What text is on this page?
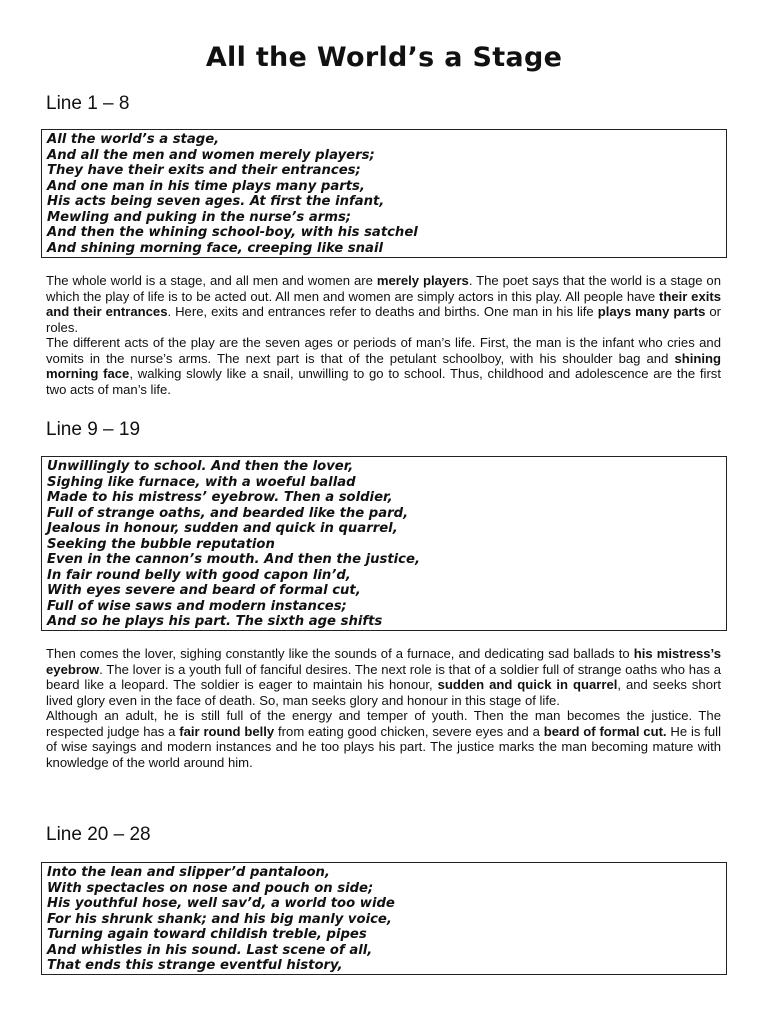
All the World’s a Stage
Line 1 – 8
All the world’s a stage,
And all the men and women merely players;
They have their exits and their entrances;
And one man in his time plays many parts,
His acts being seven ages. At first the infant,
Mewling and puking in the nurse’s arms;
And then the whining school-boy, with his satchel
And shining morning face, creeping like snail

The whole world is a stage, and all men and women are merely players. The poet says that the world is a stage on which the play of life is to be acted out. All men and women are simply actors in this play. All people have their exits and their entrances. Here, exits and entrances refer to deaths and births. One man in his life plays many parts or roles.

The different acts of the play are the seven ages or periods of man’s life. First, the man is the infant who cries and vomits in the nurse’s arms. The next part is that of the petulant schoolboy, with his shoulder bag and shining morning face, walking slowly like a snail, unwilling to go to school. Thus, childhood and adolescence are the first two acts of man’s life.

Line 9 – 19
Unwillingly to school. And then the lover,
Sighing like furnace, with a woeful ballad
Made to his mistress’ eyebrow. Then a soldier,
Full of strange oaths, and bearded like the pard,
Jealous in honour, sudden and quick in quarrel,
Seeking the bubble reputation
Even in the cannon’s mouth. And then the justice,
In fair round belly with good capon lin’d,
With eyes severe and beard of formal cut,
Full of wise saws and modern instances;
And so he plays his part. The sixth age shifts

Then comes the lover, sighing constantly like the sounds of a furnace, and dedicating sad ballads to his mistress’s eyebrow. The lover is a youth full of fanciful desires. The next role is that of a soldier full of strange oaths who has a beard like a leopard. The soldier is eager to maintain his honour, sudden and quick in quarrel, and seeks short lived glory even in the face of death. So, man seeks glory and honour in this stage of life.

Although an adult, he is still full of the energy and temper of youth. Then the man becomes the justice. The respected judge has a fair round belly from eating good chicken, severe eyes and a beard of formal cut. He is full of wise sayings and modern instances and he too plays his part. The justice marks the man becoming mature with knowledge of the world around him.

Line 20 – 28
Into the lean and slipper’d pantaloon,
With spectacles on nose and pouch on side;
His youthful hose, well sav’d, a world too wide
For his shrunk shank; and his big manly voice,
Turning again toward childish treble, pipes
And whistles in his sound. Last scene of all,
That ends this strange eventful history,
